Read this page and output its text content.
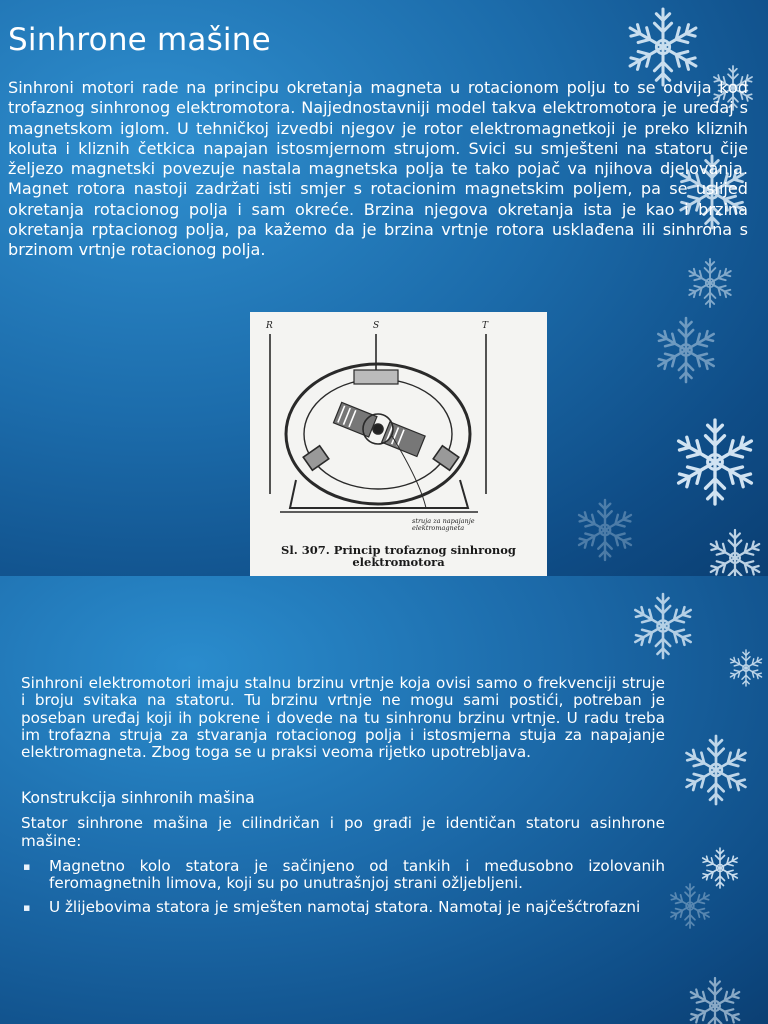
Sinhrone mašine

Sinhroni motori rade na principu okretanja magneta u rotacionom polju to se odvija kod trofaznog sinhronog elektromotora. Najjednostavniji model takva elektromotora je uređaj s magnetskom iglom. U tehničkoj izvedbi njegov je rotor elektromagnetkoji je preko kliznih koluta i kliznih četkica napajan istosmjernom strujom. Svici su smješteni na statoru čije željezo magnetski povezuje nastala magnetska polja te tako pojač va njihova djelovanja. Magnet rotora nastoji zadržati isti smjer s rotacionim magnetskim poljem, pa se uslijed okretanja rotacionog polja i sam okreće. Brzina njegova okretanja ista je kao i brzina okretanja rptacionog polja, pa kažemo da je brzina vrtnje rotora usklađena ili sinhrona s brzinom vrtnje rotacionog polja.

R	S	T
struja za napajanje
elektromagneta
Sl. 307. Princip trofaznog sinhronog
elektromotora

Sinhroni elektromotori imaju stalnu brzinu vrtnje koja ovisi samo o frekvenciji struje i broju svitaka na statoru. Tu brzinu vrtnje ne mogu sami postići, potreban je poseban uređaj koji ih pokrene i dovede na tu sinhronu brzinu vrtnje. U radu treba im trofazna struja za stvaranja rotacionog polja i istosmjerna stuja za napajanje elektromagneta. Zbog toga se u praksi veoma rijetko upotrebljava.

Konstrukcija sinhronih mašina

Stator sinhrone mašina je cilindričan i po građi je identičan statoru asinhrone mašine:

▪ Magnetno kolo statora je sačinjeno od tankih i međusobno izolovanih feromagnetnih limova, koji su po unutrašnjoj strani ožljebljeni.
▪ U žlijebovima statora je smješten namotaj statora. Namotaj je najčešćtrofazni
